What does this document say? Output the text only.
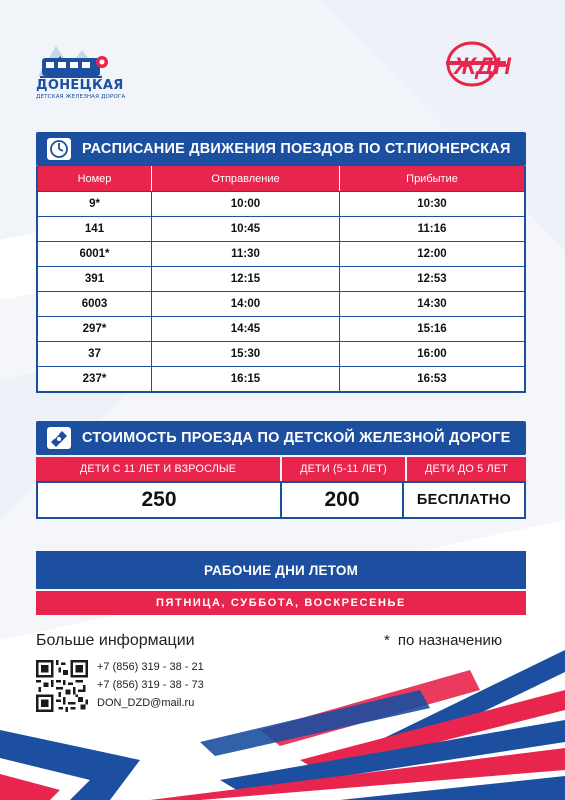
ДОНЕЦКАЯ
ДЕТСКАЯ ЖЕЛЕЗНАЯ ДОРОГА
ЖДН
РАСПИСАНИЕ ДВИЖЕНИЯ ПОЕЗДОВ ПО СТ.ПИОНЕРСКАЯ
Номер	Отправление	Прибытие
9*	10:00	10:30
141	10:45	11:16
6001*	11:30	12:00
391	12:15	12:53
6003	14:00	14:30
297*	14:45	15:16
37	15:30	16:00
237*	16:15	16:53
СТОИМОСТЬ ПРОЕЗДА ПО ДЕТСКОЙ ЖЕЛЕЗНОЙ ДОРОГЕ
ДЕТИ С 11 ЛЕТ И ВЗРОСЛЫЕ	ДЕТИ (5-11 ЛЕТ)	ДЕТИ ДО 5 ЛЕТ
250	200	БЕСПЛАТНО
РАБОЧИЕ ДНИ ЛЕТОМ
ПЯТНИЦА, СУББОТА, ВОСКРЕСЕНЬЕ
Больше информации	* по назначению
+7 (856) 319 - 38 - 21
+7 (856) 319 - 38 - 73
DON_DZD@mail.ru
